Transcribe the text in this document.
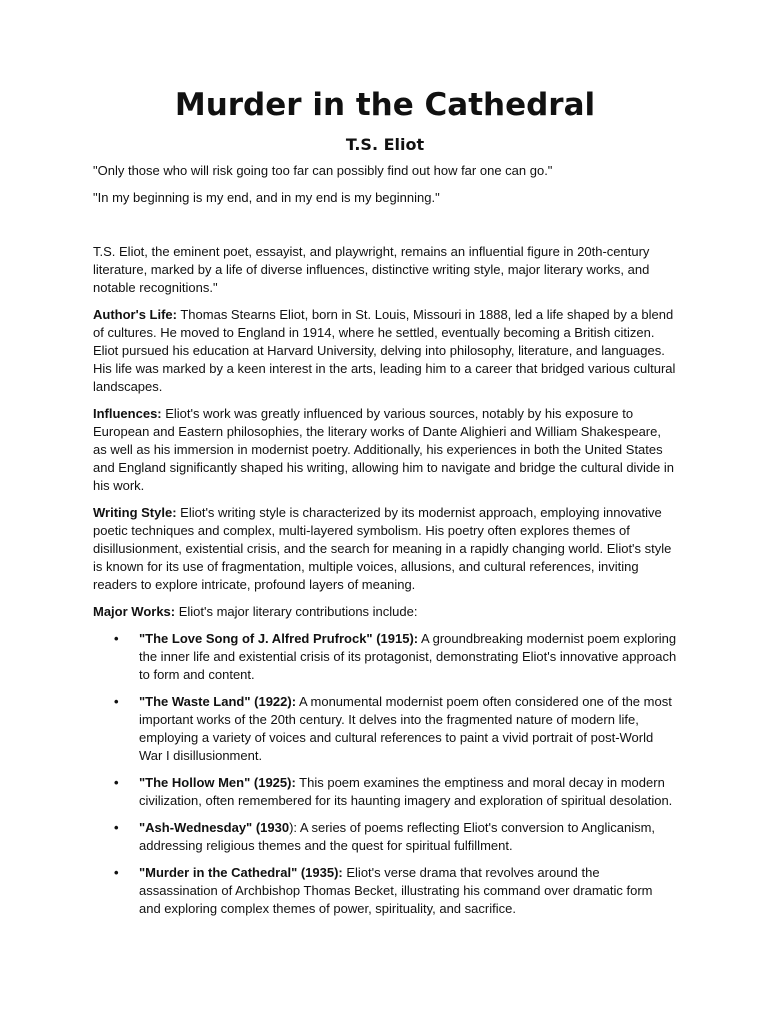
Murder in the Cathedral
T.S. Eliot

"Only those who will risk going too far can possibly find out how far one can go."

"In my beginning is my end, and in my end is my beginning."

T.S. Eliot, the eminent poet, essayist, and playwright, remains an influential figure in 20th-century literature, marked by a life of diverse influences, distinctive writing style, major literary works, and notable recognitions."

Author's Life: Thomas Stearns Eliot, born in St. Louis, Missouri in 1888, led a life shaped by a blend of cultures. He moved to England in 1914, where he settled, eventually becoming a British citizen. Eliot pursued his education at Harvard University, delving into philosophy, literature, and languages. His life was marked by a keen interest in the arts, leading him to a career that bridged various cultural landscapes.

Influences: Eliot's work was greatly influenced by various sources, notably by his exposure to European and Eastern philosophies, the literary works of Dante Alighieri and William Shakespeare, as well as his immersion in modernist poetry. Additionally, his experiences in both the United States and England significantly shaped his writing, allowing him to navigate and bridge the cultural divide in his work.

Writing Style: Eliot's writing style is characterized by its modernist approach, employing innovative poetic techniques and complex, multi-layered symbolism. His poetry often explores themes of disillusionment, existential crisis, and the search for meaning in a rapidly changing world. Eliot's style is known for its use of fragmentation, multiple voices, allusions, and cultural references, inviting readers to explore intricate, profound layers of meaning.

Major Works: Eliot's major literary contributions include:

• "The Love Song of J. Alfred Prufrock" (1915): A groundbreaking modernist poem exploring the inner life and existential crisis of its protagonist, demonstrating Eliot's innovative approach to form and content.
• "The Waste Land" (1922): A monumental modernist poem often considered one of the most important works of the 20th century. It delves into the fragmented nature of modern life, employing a variety of voices and cultural references to paint a vivid portrait of post-World War I disillusionment.
• "The Hollow Men" (1925): This poem examines the emptiness and moral decay in modern civilization, often remembered for its haunting imagery and exploration of spiritual desolation.
• "Ash-Wednesday" (1930): A series of poems reflecting Eliot's conversion to Anglicanism, addressing religious themes and the quest for spiritual fulfillment.
• "Murder in the Cathedral" (1935): Eliot's verse drama that revolves around the assassination of Archbishop Thomas Becket, illustrating his command over dramatic form and exploring complex themes of power, spirituality, and sacrifice.
